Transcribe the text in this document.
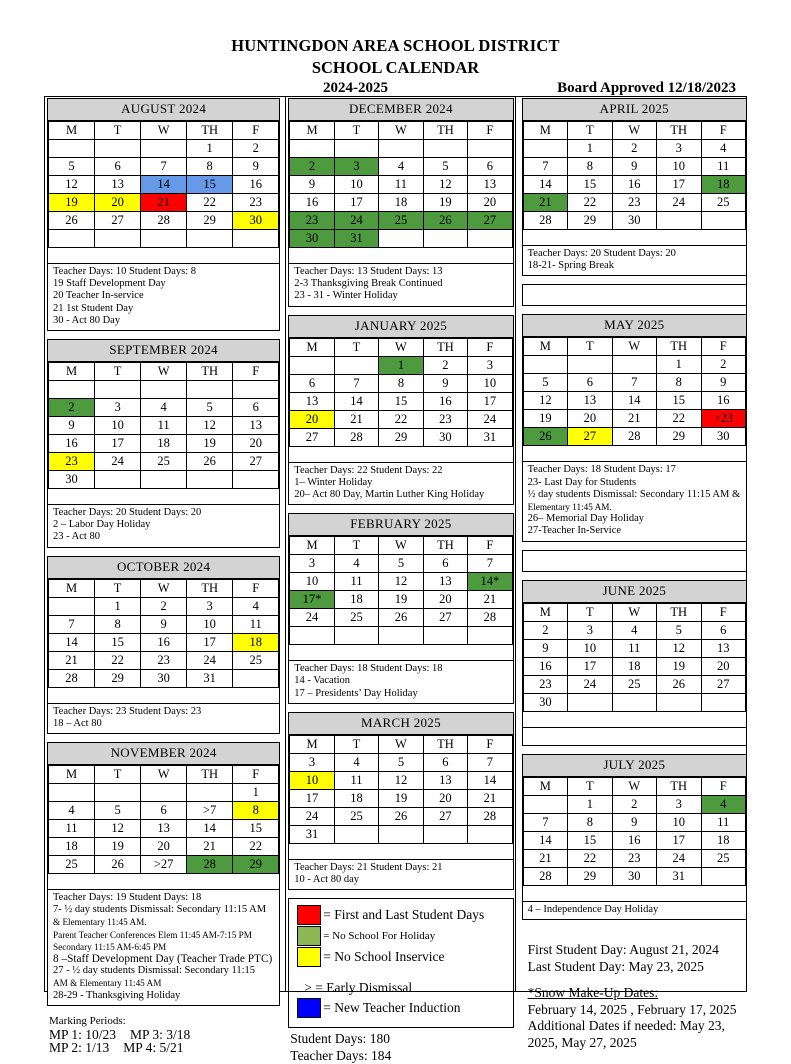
HUNTINGDON AREA SCHOOL DISTRICT
SCHOOL CALENDAR
2024-2025	Board Approved 12/18/2023
AUGUST 2024
M	T	W	TH	F
			1	2
5	6	7	8	9
12	13	14	15	16
19	20	21	22	23
26	27	28	29	30

Teacher Days: 10 Student Days: 8
19 Staff Development Day
20 Teacher In-service
21 1st Student Day
30 - Act 80 Day
SEPTEMBER 2024
M	T	W	TH	F

2	3	4	5	6
9	10	11	12	13
16	17	18	19	20
23	24	25	26	27
30				

Teacher Days: 20 Student Days: 20
2 – Labor Day Holiday
23 - Act 80
OCTOBER 2024
M	T	W	TH	F
	1	2	3	4
7	8	9	10	11
14	15	16	17	18
21	22	23	24	25
28	29	30	31	

Teacher Days: 23 Student Days: 23
18 – Act 80
NOVEMBER 2024
M	T	W	TH	F
				1
4	5	6	>7	8
11	12	13	14	15
18	19	20	21	22
25	26	>27	28	29

Teacher Days: 19 Student Days: 18
7- ½ day students Dismissal: Secondary 11:15 AM
& Elementary 11:45 AM.
Parent Teacher Conferences Elem 11:45 AM-7:15 PM
Secondary 11:15 AM-6:45 PM
8 –Staff Development Day (Teacher Trade PTC)
27 - ½ day students Dismissal: Secondary 11:15
AM & Elementary 11:45 AM
28-29 - Thanksgiving Holiday
Marking Periods:
MP 1: 10/23 MP 3: 3/18
MP 2: 1/13 MP 4: 5/21
DECEMBER 2024
M	T	W	TH	F

2	3	4	5	6
9	10	11	12	13
16	17	18	19	20
23	24	25	26	27
30	31			

Teacher Days: 13 Student Days: 13
2-3 Thanksgiving Break Continued
23 - 31 - Winter Holiday
JANUARY 2025
M	T	W	TH	F
		1	2	3
6	7	8	9	10
13	14	15	16	17
20	21	22	23	24
27	28	29	30	31

Teacher Days: 22 Student Days: 22
1– Winter Holiday
20– Act 80 Day, Martin Luther King Holiday
FEBRUARY 2025
M	T	W	TH	F
3	4	5	6	7
10	11	12	13	14*
17*	18	19	20	21
24	25	26	27	28

Teacher Days: 18 Student Days: 18
14 - Vacation
17 – Presidents’ Day Holiday
MARCH 2025
M	T	W	TH	F
3	4	5	6	7
10	11	12	13	14
17	18	19	20	21
24	25	26	27	28
31				

Teacher Days: 21 Student Days: 21
10 - Act 80 day
= First and Last Student Days
= No School For Holiday
= No School Inservice
> = Early Dismissal
= New Teacher Induction
Student Days: 180
Teacher Days: 184
APRIL 2025
M	T	W	TH	F
	1	2	3	4
7	8	9	10	11
14	15	16	17	18
21	22	23	24	25
28	29	30		

Teacher Days: 20 Student Days: 20
18-21- Spring Break
MAY 2025
M	T	W	TH	F
			1	2
5	6	7	8	9
12	13	14	15	16
19	20	21	22	>23
26	27	28	29	30

Teacher Days: 18 Student Days: 17
23- Last Day for Students
½ day students Dismissal: Secondary 11:15 AM &
Elementary 11:45 AM.
26– Memorial Day Holiday
27-Teacher In-Service
JUNE 2025
M	T	W	TH	F
2	3	4	5	6
9	10	11	12	13
16	17	18	19	20
23	24	25	26	27
30				

JULY 2025
M	T	W	TH	F
	1	2	3	4
7	8	9	10	11
14	15	16	17	18
21	22	23	24	25
28	29	30	31	

4 – Independence Day Holiday
First Student Day: August 21, 2024
Last Student Day: May 23, 2025
*Snow Make-Up Dates:
February 14, 2025 , February 17, 2025
Additional Dates if needed: May 23,
2025, May 27, 2025
